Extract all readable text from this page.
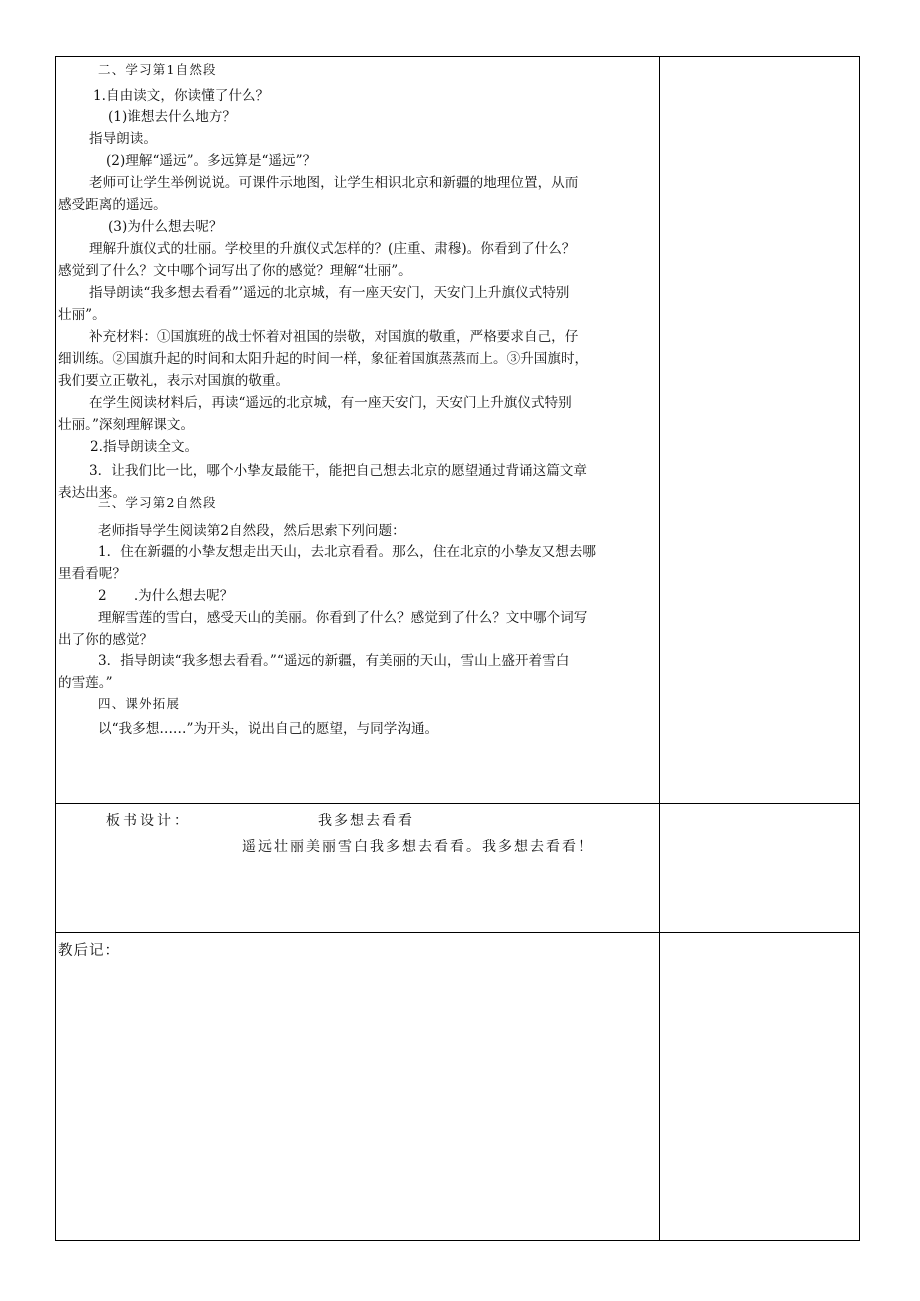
二、学习第1自然段
1.自由读文，你读懂了什么？
(1)谁想去什么地方？
指导朗读。
(2)理解“遥远”。多远算是“遥远”？
老师可让学生举例说说。可课件示地图，让学生相识北京和新疆的地理位置，从而
感受距离的遥远。
(3)为什么想去呢？
理解升旗仪式的壮丽。学校里的升旗仪式怎样的？(庄重、肃穆)。你看到了什么？
感觉到了什么？文中哪个词写出了你的感觉？理解“壮丽”。
指导朗读“我多想去看看”’遥远的北京城，有一座天安门，天安门上升旗仪式特别
壮丽”。
补充材料：①国旗班的战士怀着对祖国的崇敬，对国旗的敬重，严格要求自己，仔
细训练。②国旗升起的时间和太阳升起的时间一样，象征着国旗蒸蒸而上。③升国旗时，
我们要立正敬礼，表示对国旗的敬重。
在学生阅读材料后，再读“遥远的北京城，有一座天安门，天安门上升旗仪式特别
壮丽。”深刻理解课文。
2.指导朗读全文。
3．让我们比一比，哪个小挚友最能干，能把自己想去北京的愿望通过背诵这篇文章
表达出来。
三、学习第2自然段
老师指导学生阅读第2自然段，然后思索下列问题：
1．住在新疆的小挚友想走出天山，去北京看看。那么，住在北京的小挚友又想去哪
里看看呢？
2　　.为什么想去呢？
理解雪莲的雪白，感受天山的美丽。你看到了什么？感觉到了什么？文中哪个词写
出了你的感觉？
3．指导朗读“我多想去看看。”“遥远的新疆，有美丽的天山，雪山上盛开着雪白
的雪莲。”
四、课外拓展
以“我多想……”为开头，说出自己的愿望，与同学沟通。
板书设计：	我多想去看看
遥远壮丽美丽雪白我多想去看看。我多想去看看！
教后记：
